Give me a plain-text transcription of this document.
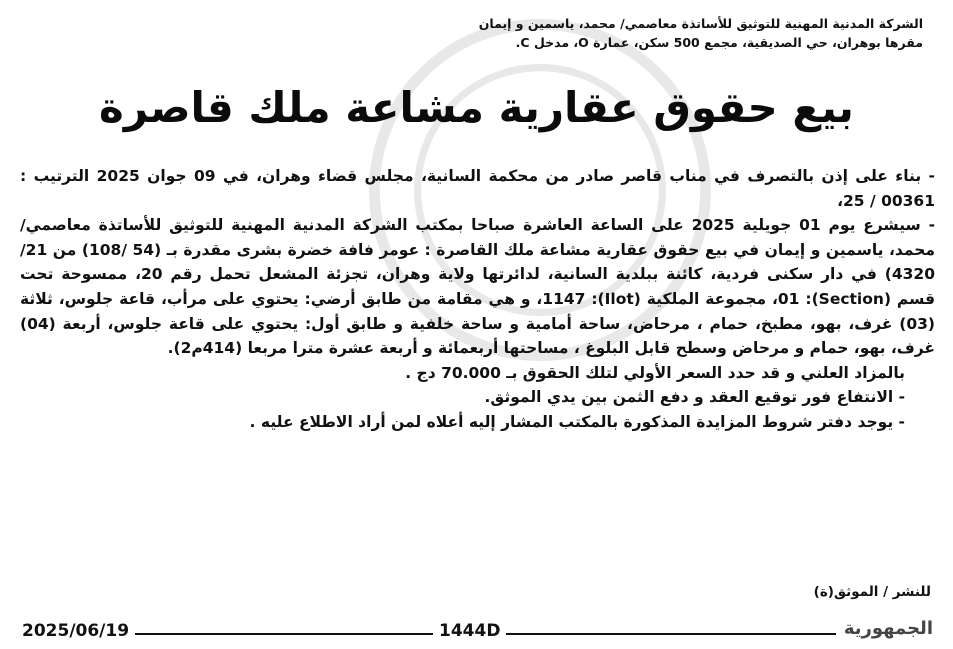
الشركة المدنية المهنية للتوثيق للأساتذة معاصمي/ محمد، ياسمين و إيمان
مقرها بوهران، حي الصديقية، مجمع 500 سكن، عمارة O، مدخل C.
بيع حقوق عقارية مشاعة ملك قاصرة

- بناء على إذن بالتصرف في مناب قاصر صادر من محكمة السانية، مجلس قضاء وهران، في 09 جوان 2025 الترتيب : 00361 / 25،

- سيشرع يوم 01 جويلية 2025 على الساعة العاشرة صباحا بمكتب الشركة المدنية المهنية للتوثيق للأساتذة معاصمي/ محمد، ياسمين و إيمان في بيع حقوق عقارية مشاعة ملك القاصرة : عومر فافة خضرة بشرى مقدرة بـ (54 /108) من 21/ 4320) في دار سكنى فردية، كائنة ببلدية السانية، لدائرتها ولاية وهران، تجزئة المشعل تحمل رقم 20، ممسوحة تحت قسم (Section): 01، مجموعة الملكية (Ilot): 1147، و هي مقامة من طابق أرضي: يحتوي على مرأب، قاعة جلوس، ثلاثة (03) غرف، بهو، مطبخ، حمام ، مرحاض، ساحة أمامية و ساحة خلفية و طابق أول: يحتوي على قاعة جلوس، أربعة (04) غرف، بهو، حمام و مرحاض وسطح قابل البلوغ ، مساحتها أربعمائة و أربعة عشرة مترا مربعا (414م2).

بالمزاد العلني و قد حدد السعر الأولي لتلك الحقوق بـ 70.000 دج .

- الانتفاع فور توقيع العقد و دفع الثمن بين يدي الموثق.

- يوجد دفتر شروط المزايدة المذكورة بالمكتب المشار إليه أعلاه لمن أراد الاطلاع عليه .

للنشر / الموثق(ة)
2025/06/19	1444D	الجمهورية
